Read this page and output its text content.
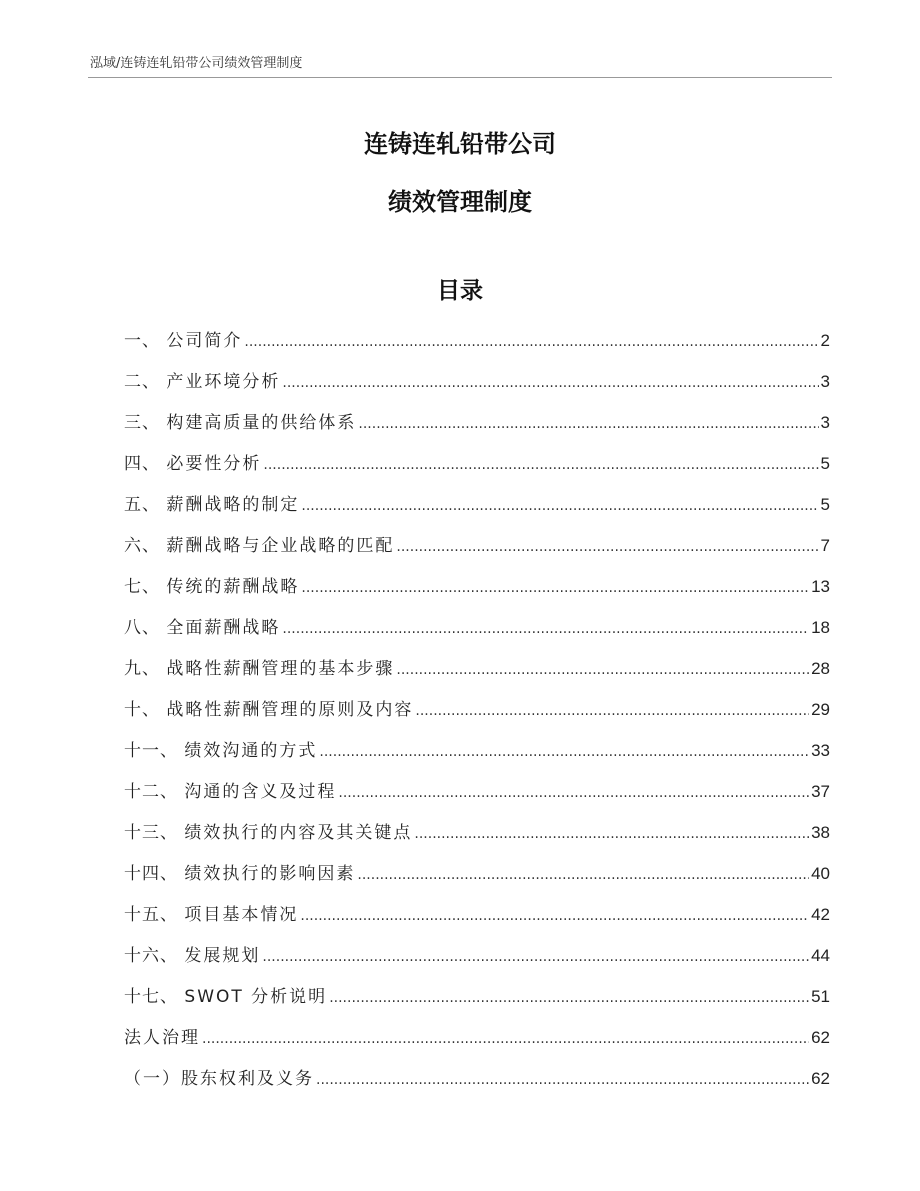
泓域/连铸连轧铅带公司绩效管理制度
连铸连轧铅带公司
绩效管理制度
目录
一、 公司简介 .....	2
二、 产业环境分析 .....	3
三、 构建高质量的供给体系 .....	3
四、 必要性分析 .....	5
五、 薪酬战略的制定 .....	5
六、 薪酬战略与企业战略的匹配 .....	7
七、 传统的薪酬战略 .....	13
八、 全面薪酬战略 .....	18
九、 战略性薪酬管理的基本步骤 .....	28
十、 战略性薪酬管理的原则及内容 .....	29
十一、 绩效沟通的方式 .....	33
十二、 沟通的含义及过程 .....	37
十三、 绩效执行的内容及其关键点 .....	38
十四、 绩效执行的影响因素 .....	40
十五、 项目基本情况 .....	42
十六、 发展规划 .....	44
十七、 SWOT 分析说明 .....	51
法人治理 .....	62
（一）股东权利及义务 .....	62
